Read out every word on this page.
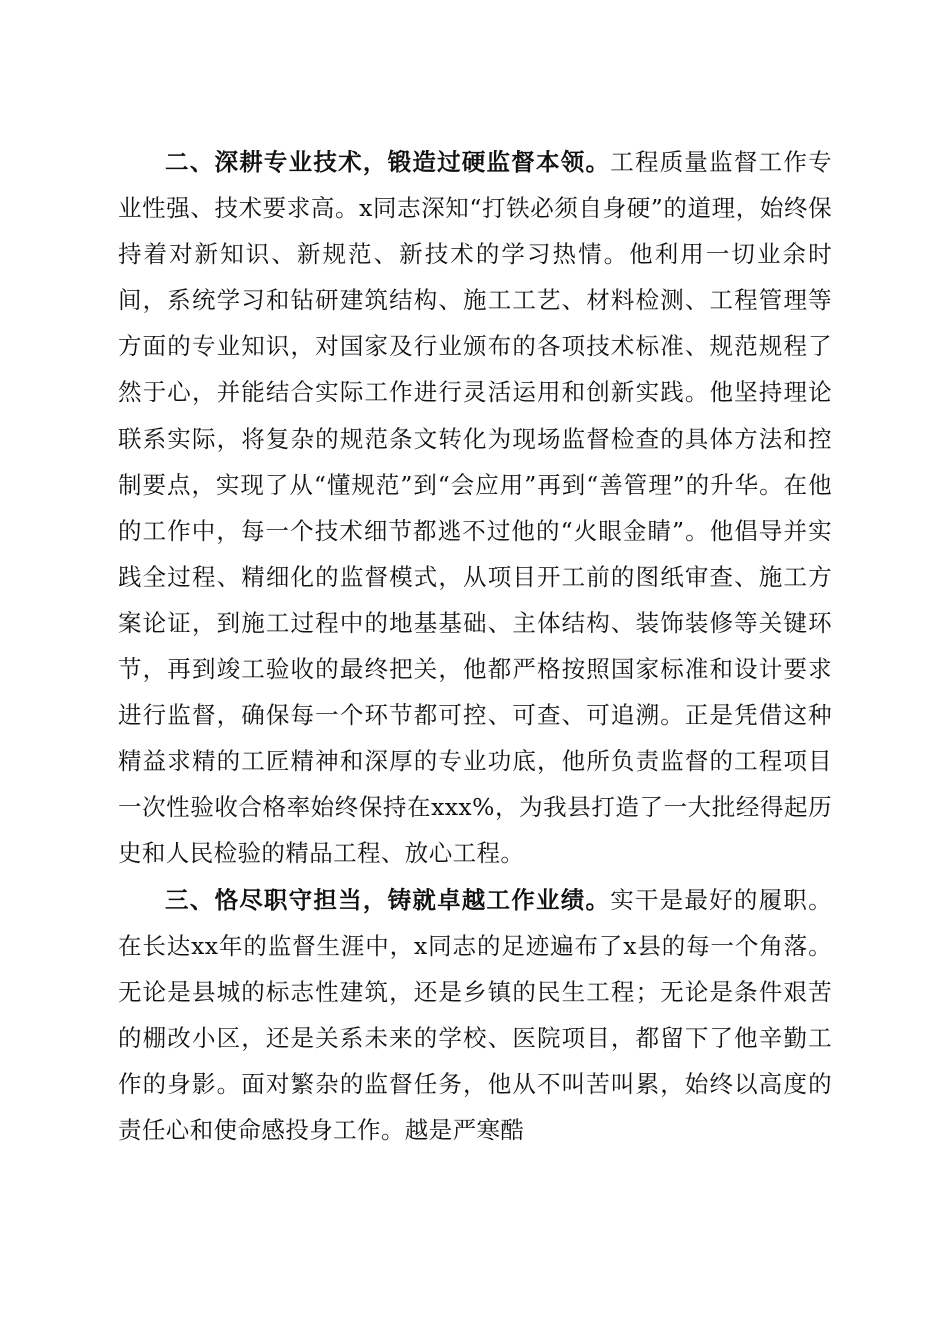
二、深耕专业技术，锻造过硬监督本领。工程质量监督工作专业性强、技术要求高。x同志深知“打铁必须自身硬”的道理，始终保持着对新知识、新规范、新技术的学习热情。他利用一切业余时间，系统学习和钻研建筑结构、施工工艺、材料检测、工程管理等方面的专业知识，对国家及行业颁布的各项技术标准、规范规程了然于心，并能结合实际工作进行灵活运用和创新实践。他坚持理论联系实际，将复杂的规范条文转化为现场监督检查的具体方法和控制要点，实现了从“懂规范”到“会应用”再到“善管理”的升华。在他的工作中，每一个技术细节都逃不过他的“火眼金睛”。他倡导并实践全过程、精细化的监督模式，从项目开工前的图纸审查、施工方案论证，到施工过程中的地基基础、主体结构、装饰装修等关键环节，再到竣工验收的最终把关，他都严格按照国家标准和设计要求进行监督，确保每一个环节都可控、可查、可追溯。正是凭借这种精益求精的工匠精神和深厚的专业功底，他所负责监督的工程项目一次性验收合格率始终保持在xxx%，为我县打造了一大批经得起历史和人民检验的精品工程、放心工程。

三、恪尽职守担当，铸就卓越工作业绩。实干是最好的履职。在长达xx年的监督生涯中，x同志的足迹遍布了x县的每一个角落。无论是县城的标志性建筑，还是乡镇的民生工程；无论是条件艰苦的棚改小区，还是关系未来的学校、医院项目，都留下了他辛勤工作的身影。面对繁杂的监督任务，他从不叫苦叫累，始终以高度的责任心和使命感投身工作。越是严寒酷
